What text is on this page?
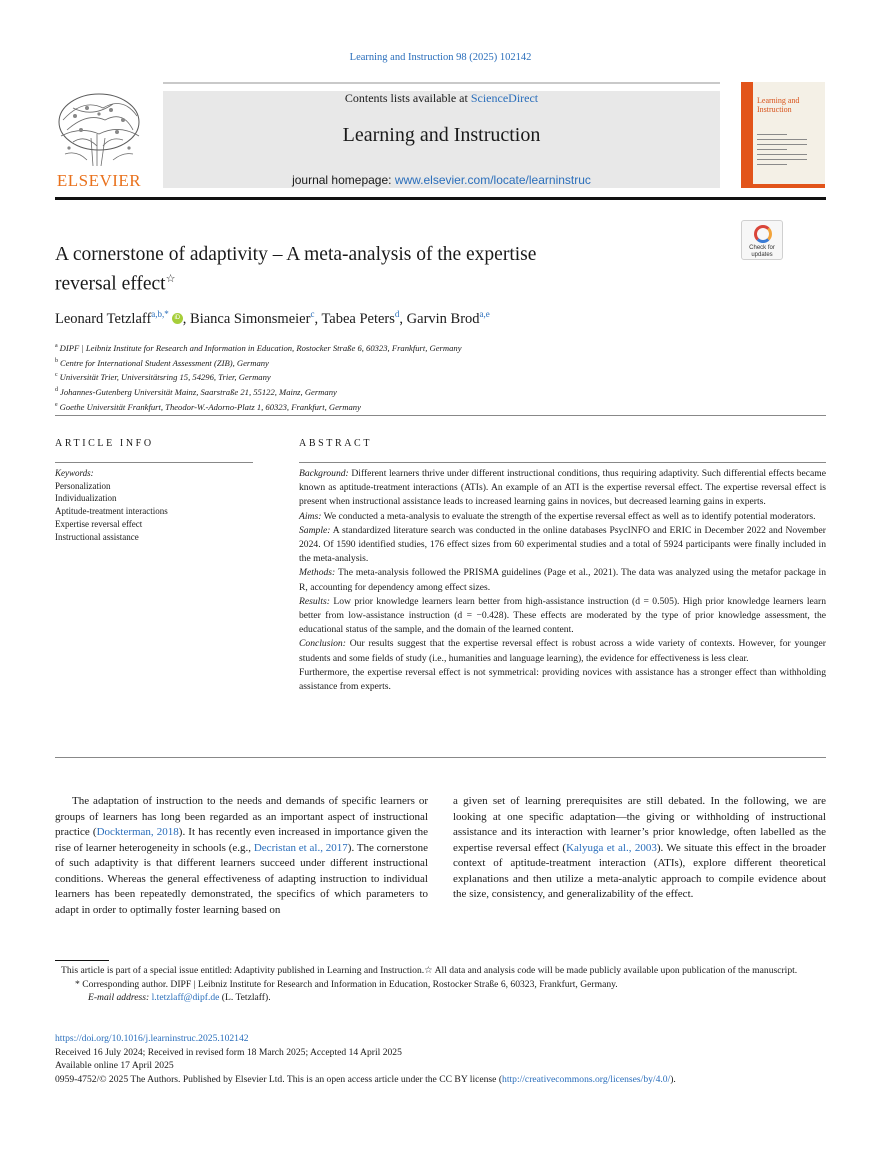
Learning and Instruction 98 (2025) 102142
ELSEVIER
Contents lists available at ScienceDirect
Learning and Instruction
journal homepage: www.elsevier.com/locate/learninstruc
Learning and Instruction
Check for updates
A cornerstone of adaptivity – A meta-analysis of the expertise
reversal effect☆
Leonard Tetzlaff$^{a,b,*}$ iD , Bianca Simonsmeier$^c$, Tabea Peters$^d$, Garvin Brod$^{a,e}$
$^a$ DIPF | Leibniz Institute for Research and Information in Education, Rostocker Straße 6, 60323, Frankfurt, Germany
$^b$ Centre for International Student Assessment (ZIB), Germany
$^c$ Universität Trier, Universitätsring 15, 54296, Trier, Germany
$^d$ Johannes-Gutenberg Universität Mainz, Saarstraße 21, 55122, Mainz, Germany
$^e$ Goethe Universität Frankfurt, Theodor-W.-Adorno-Platz 1, 60323, Frankfurt, Germany
ARTICLE INFO	ABSTRACT
Keywords:
Personalization
Individualization
Aptitude-treatment interactions
Expertise reversal effect
Instructional assistance

Background: Different learners thrive under different instructional conditions, thus requiring adaptivity. Such differential effects became known as aptitude-treatment interactions (ATIs). An example of an ATI is the expertise reversal effect. The expertise reversal effect is present when instructional assistance leads to increased learning gains in novices, but decreased learning gains in experts.

Aims: We conducted a meta-analysis to evaluate the strength of the expertise reversal effect as well as to identify potential moderators.

Sample: A standardized literature search was conducted in the online databases PsycINFO and ERIC in December 2022 and November 2024. Of 1590 identified studies, 176 effect sizes from 60 experimental studies and a total of 5924 participants were finally included in the meta-analysis.

Methods: The meta-analysis followed the PRISMA guidelines (Page et al., 2021). The data was analyzed using the metafor package in R, accounting for dependency among effect sizes.

Results: Low prior knowledge learners learn better from high-assistance instruction (d = 0.505). High prior knowledge learners learn better from low-assistance instruction (d = −0.428). These effects are moderated by the type of prior knowledge assessment, the educational status of the sample, and the domain of the learned content.

Conclusion: Our results suggest that the expertise reversal effect is robust across a wide variety of contexts. However, for younger students and some fields of study (i.e., humanities and language learning), the evidence for effectiveness is less clear.

Furthermore, the expertise reversal effect is not symmetrical: providing novices with assistance has a stronger effect than withholding assistance from experts.

The adaptation of instruction to the needs and demands of specific learners or groups of learners has long been regarded as an important aspect of instructional practice (Dockterman, 2018). It has recently even increased in importance given the rise of learner heterogeneity in schools (e.g., Decristan et al., 2017). The cornerstone of such adaptivity is that different learners succeed under different instructional conditions. Whereas the general effectiveness of adapting instruction to individual learners has been repeatedly demonstrated, the specifics of which parameters to adapt in order to optimally foster learning based on
a given set of learning prerequisites are still debated. In the following, we are looking at one specific adaptation—the giving or withholding of instructional assistance and its interaction with learner’s prior knowledge, often labelled as the expertise reversal effect (Kalyuga et al., 2003). We situate this effect in the broader context of aptitude-treatment interaction (ATIs), explore different theoretical explanations and then utilize a meta-analytic approach to compile evidence about the size, consistency, and generalizability of the effect.
This article is part of a special issue entitled: Adaptivity published in Learning and Instruction.☆ All data and analysis code will be made publicly available upon publication of the manuscript.
* Corresponding author. DIPF | Leibniz Institute for Research and Information in Education, Rostocker Straße 6, 60323, Frankfurt, Germany.
E-mail address: l.tetzlaff@dipf.de (L. Tetzlaff).
https://doi.org/10.1016/j.learninstruc.2025.102142
Received 16 July 2024; Received in revised form 18 March 2025; Accepted 14 April 2025
Available online 17 April 2025
0959-4752/© 2025 The Authors. Published by Elsevier Ltd. This is an open access article under the CC BY license (http://creativecommons.org/licenses/by/4.0/).
